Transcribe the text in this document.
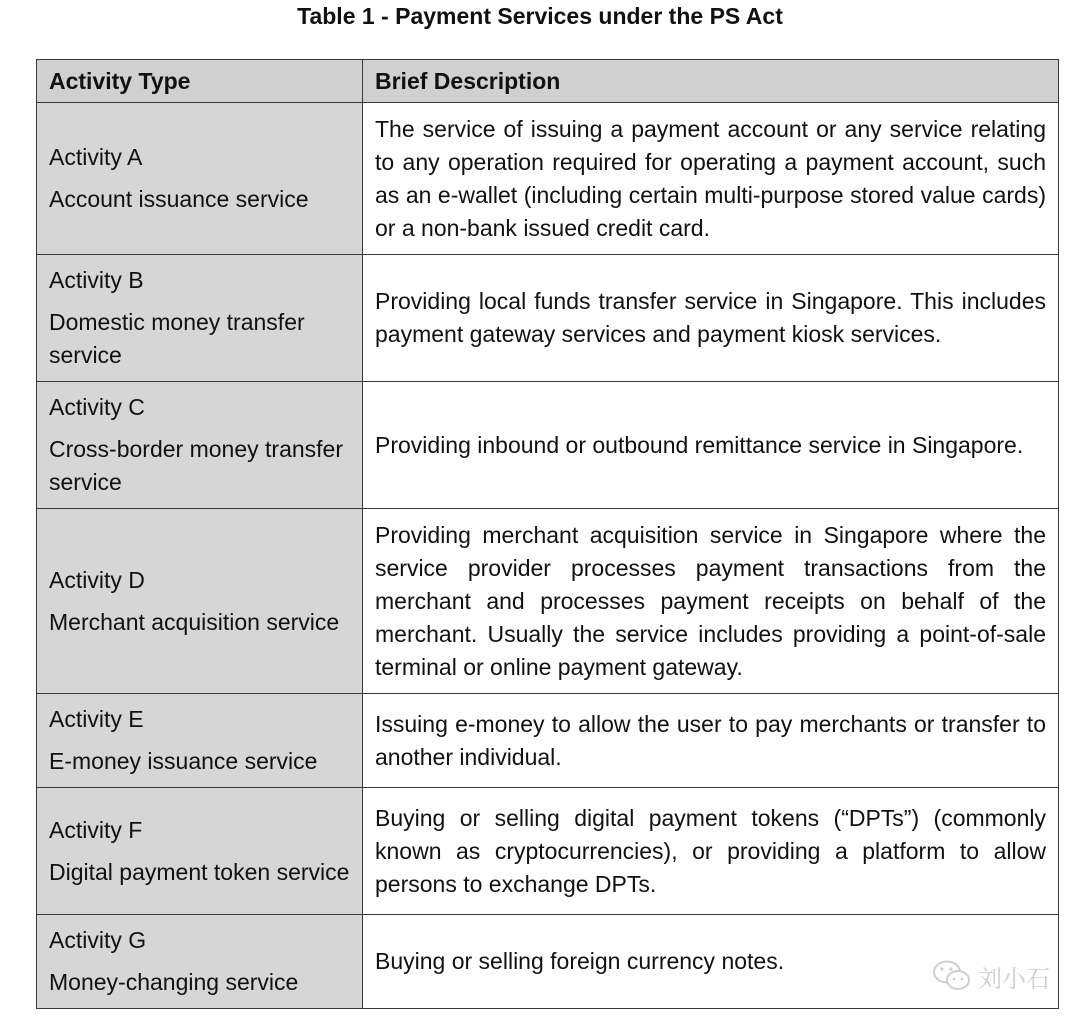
Table 1 - Payment Services under the PS Act
Activity Type	Brief Description

Activity A
Account issuance service	The service of issuing a payment account or any service relating to any operation required for operating a payment account, such as an e-wallet (including certain multi-purpose stored value cards) or a non-bank issued credit card.

Activity B
Domestic money transfer service	Providing local funds transfer service in Singapore. This includes payment gateway services and payment kiosk services.

Activity C
Cross-border money transfer service	Providing inbound or outbound remittance service in Singapore.

Activity D
Merchant acquisition service	Providing merchant acquisition service in Singapore where the service provider processes payment transactions from the merchant and processes payment receipts on behalf of the merchant. Usually the service includes providing a point-of-sale terminal or online payment gateway.

Activity E
E-money issuance service	Issuing e-money to allow the user to pay merchants or transfer to another individual.

Activity F
Digital payment token service	Buying or selling digital payment tokens (“DPTs”) (commonly known as cryptocurrencies), or providing a platform to allow persons to exchange DPTs.

Activity G
Money-changing service	Buying or selling foreign currency notes.
刘小石
